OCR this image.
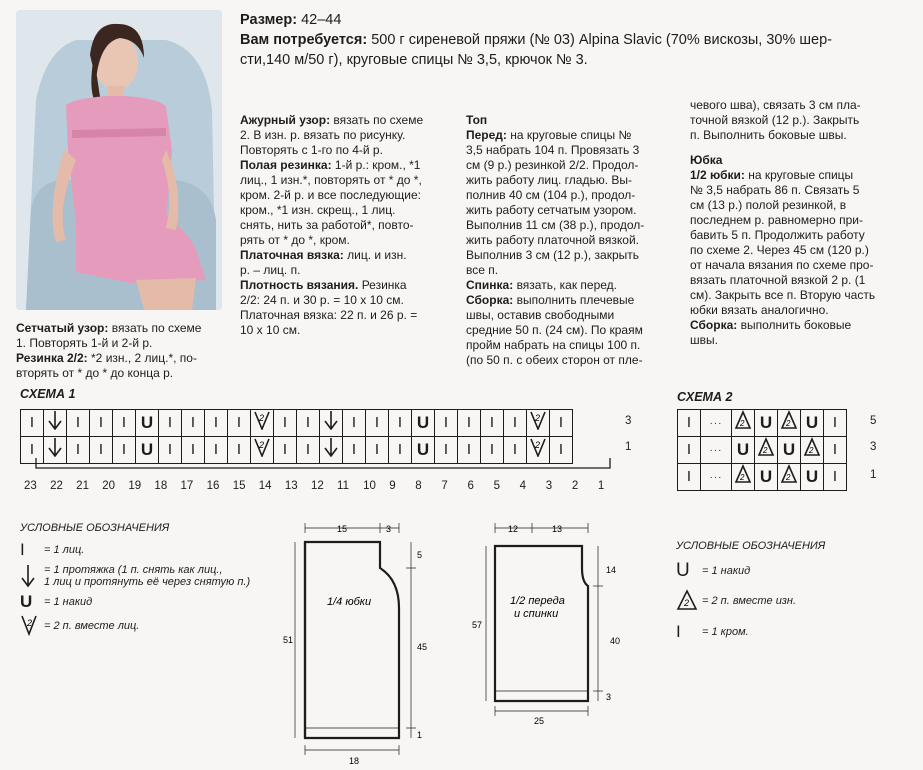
Размер: 42–44
Вам потребуется: 500 г сиреневой пряжи (№ 03) Alpina Slavic (70% вискозы, 30% шер-
сти,140 м/50 г), круговые спицы № 3,5, крючок № 3.
Сетчатый узор: вязать по схеме
1. Повторять 1-й и 2-й р.
Резинка 2/2: *2 изн., 2 лиц.*, по-
вторять от * до * до конца р.
Ажурный узор: вязать по схеме
2. В изн. р. вязать по рисунку.
Повторять с 1-го по 4-й р.
Полая резинка: 1-й р.: кром., *1
лиц., 1 изн.*, повторять от * до *,
кром. 2-й р. и все последующие:
кром., *1 изн. скрещ., 1 лиц.
снять, нить за работой*, повто-
рять от * до *, кром.
Платочная вязка: лиц. и изн.
р. – лиц. п.
Плотность вязания. Резинка
2/2: 24 п. и 30 р. = 10 х 10 см.
Платочная вязка: 22 п. и 26 р. =
10 х 10 см.
Топ
Перед: на круговые спицы №
3,5 набрать 104 п. Провязать 3
см (9 р.) резинкой 2/2. Продол-
жить работу лиц. гладью. Вы-
полнив 40 см (104 р.), продол-
жить работу сетчатым узором.
Выполнив 11 см (38 р.), продол-
жить работу платочной вязкой.
Выполнив 3 см (12 р.), закрыть
все п.
Спинка: вязать, как перед.
Сборка: выполнить плечевые
швы, оставив свободными
средние 50 п. (24 см). По краям
пройм набрать на спицы 100 п.
(по 50 п. с обеих сторон от пле-
чевого шва), связать 3 см пла-
точной вязкой (12 р.). Закрыть
п. Выполнить боковые швы.
Юбка
1/2 юбки: на круговые спицы
№ 3,5 набрать 86 п. Связать 5
см (13 р.) полой резинкой, в
последнем р. равномерно при-
бавить 5 п. Продолжить работу
по схеме 2. Через 45 см (120 р.)
от начала вязания по схеме про-
вязать платочной вязкой 2 р. (1
см). Закрыть все п. Вторую часть
юбки вязать аналогично.
Сборка: выполнить боковые
швы.
СХЕМА 1
I		I	I	I	U	I	I	I	I	2	I	I		I	I	I	U	I	I	I	I	2	I
I		I	I	I	U	I	I	I	I	2	I	I		I	I	I	U	I	I	I	I	2	I
3
1
23 22 21 20 19 18 17 16 15 14 13 12 11 10 9 8 7 6 5 4 3 2 1
СХЕМА 2
I	···	2	U	2	U	I
I	···	U	2	U	2	I
I	···	2	U	2	U	I
5
3
1
УСЛОВНЫЕ ОБОЗНАЧЕНИЯ
I	= 1 лиц.
= 1 протяжка (1 п. снять как лиц.,
1 лиц и протянуть её через снятую п.)
U	= 1 накид
2 = 2 п. вместе лиц.
УСЛОВНЫЕ ОБОЗНАЧЕНИЯ
U	= 1 накид
2 = 2 п. вместе изн.
I	= 1 кром.
15	3
51
5
45
1
18
1/4 юбки
12	13
57
14
40
3
25
1/2 переда
и спинки
